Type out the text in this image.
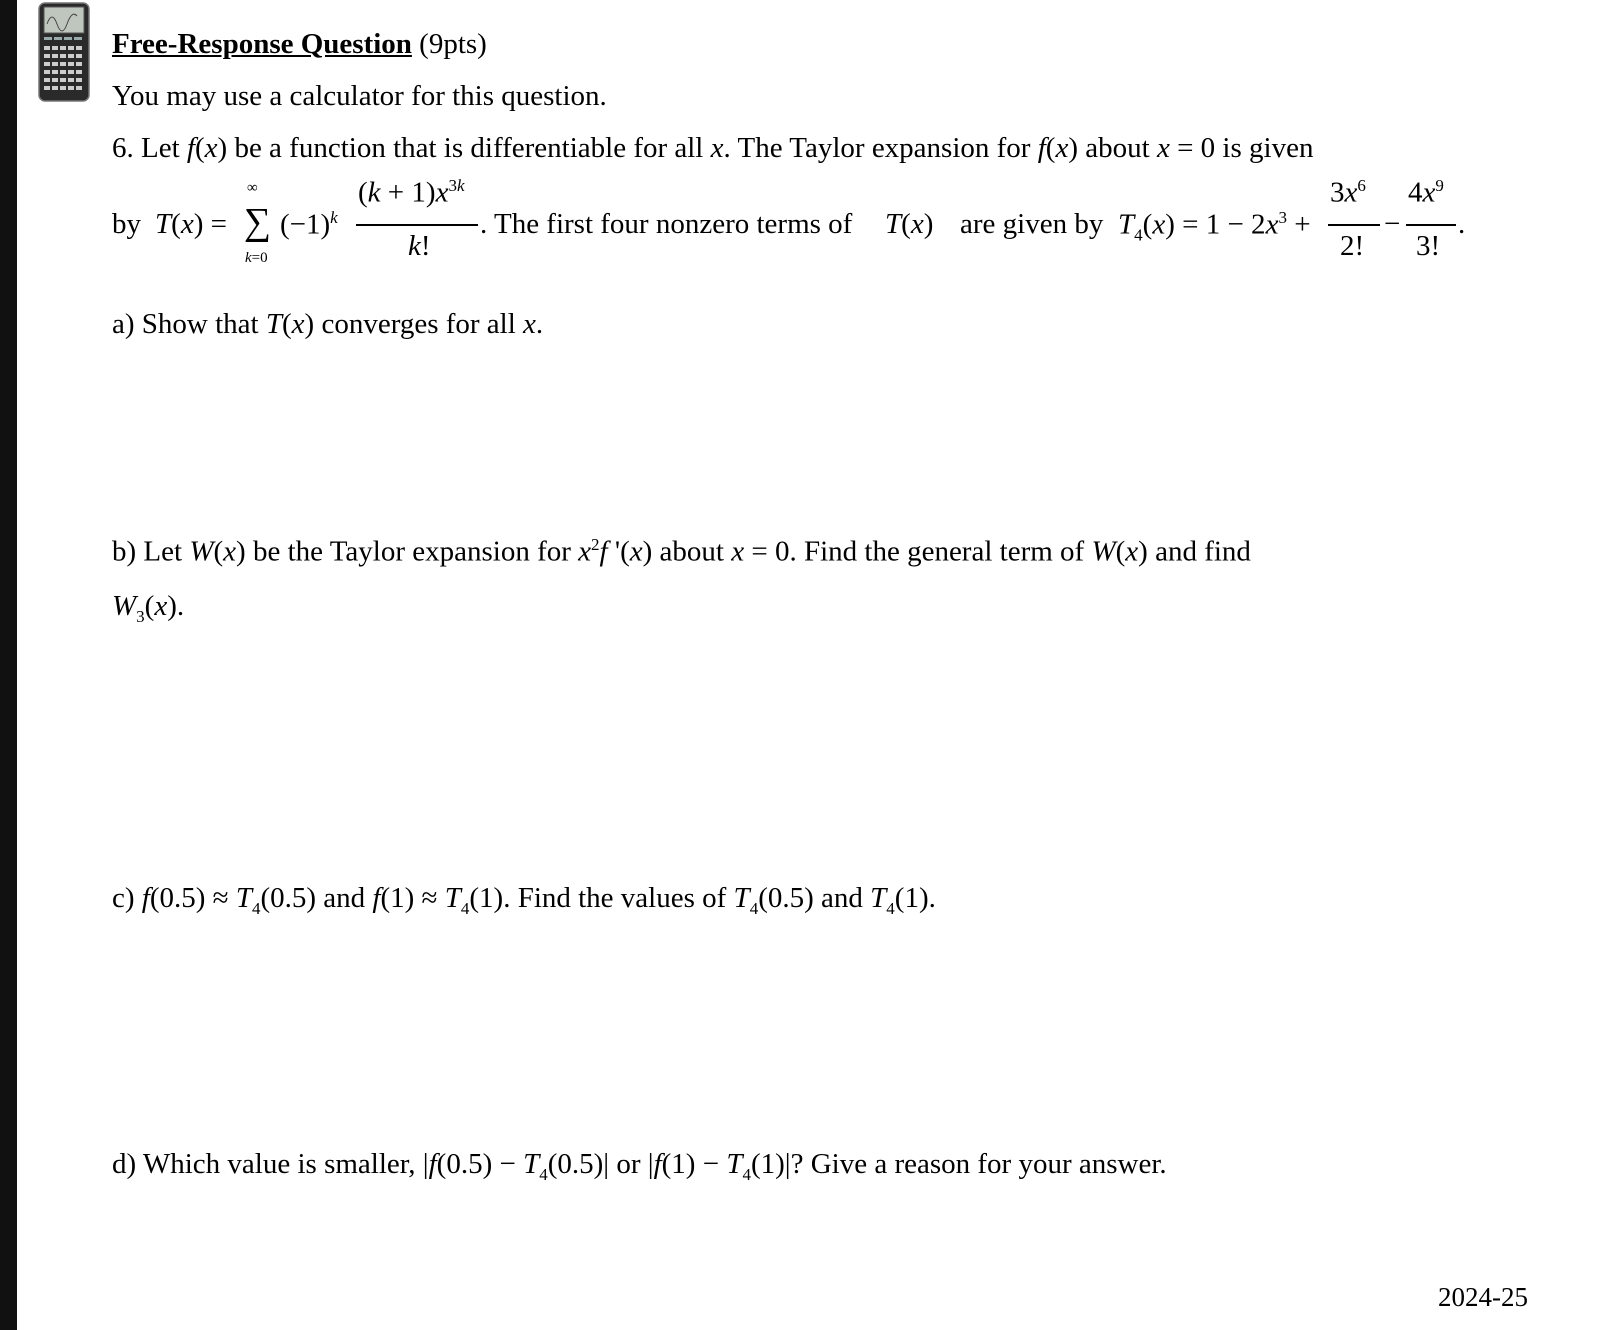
Free-Response Question (9pts)
You may use a calculator for this question.
6. Let f(x) be a function that is differentiable for all x. The Taylor expansion for f(x) about x = 0 is given
by T(x) =
∞
∑
k=0
$(-1)^k$
$(k + 1)x^{3k}$
k!
. The first four nonzero terms of T(x) are given by $T_4(x) = 1 - 2x^3$ +
$3x^6$
2!
−
$4x^9$
3!
.
a) Show that T(x) converges for all x.
b) Let W(x) be the Taylor expansion for $x^2f$ '(x) about x = 0. Find the general term of W(x) and find
$W_3(x)$.
c) $f(0.5) \approx T_4(0.5)$ and $f(1) \approx T_4(1)$. Find the values of $T_4(0.5)$ and $T_4(1)$.
d) Which value is smaller, $|f(0.5) - T_4(0.5)|$ or $|f(1) - T_4(1)|$? Give a reason for your answer.
2024-25
